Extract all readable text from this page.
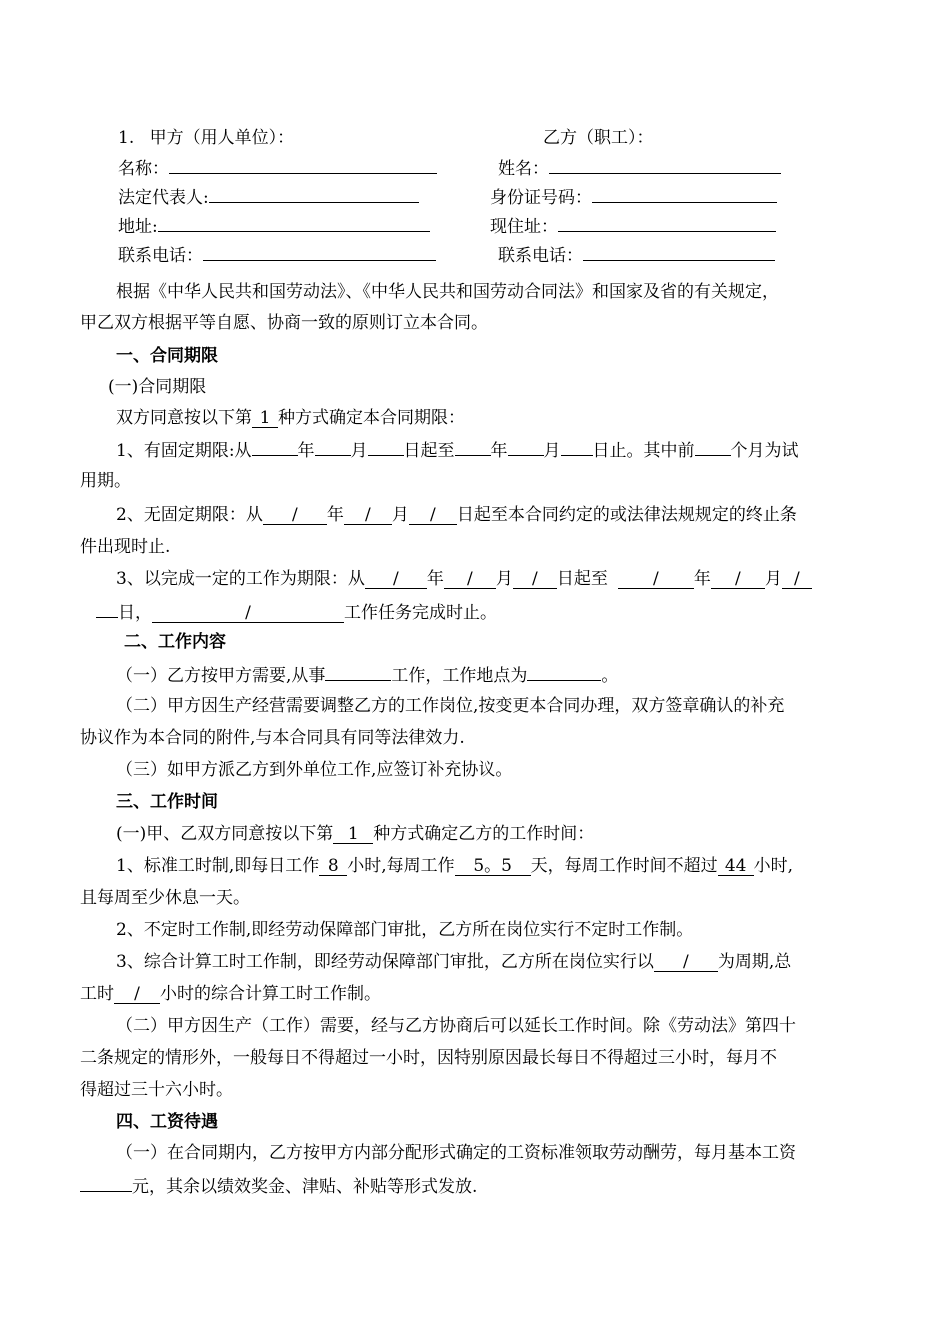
1. 甲方（用人单位）：	乙方（职工）：
名称：	姓名：
法定代表人:	身份证号码：
地址:	现住址：
联系电话：	联系电话：
根据《中华人民共和国劳动法》、《中华人民共和国劳动合同法》和国家及省的有关规定，
甲乙双方根据平等自愿、协商一致的原则订立本合同。
一、合同期限
(一)合同期限
双方同意按以下第 1 种方式确定本合同期限：
1、有固定期限:从	年 月 日起至 年 月 日止。其中前 个月为试
用期。
2、无固定期限：从 / 年 / 月 / 日起至本合同约定的或法律法规规定的终止条
件出现时止.
3、以完成一定的工作为期限：从 / 年 / 月 / 日起至	/ 年 / 月 /
日，	/	工作任务完成时止。
二、工作内容
（一）乙方按甲方需要,从事	工作，工作地点为	。
（二）甲方因生产经营需要调整乙方的工作岗位,按变更本合同办理，双方签章确认的补充
协议作为本合同的附件,与本合同具有同等法律效力.
（三）如甲方派乙方到外单位工作,应签订补充协议。
三、工作时间
(一)甲、乙双方同意按以下第 1 种方式确定乙方的工作时间：
1、标准工时制,即每日工作 8 小时,每周工作 5。5 天，每周工作时间不超过 44 小时,
且每周至少休息一天。
2、不定时工作制,即经劳动保障部门审批，乙方所在岗位实行不定时工作制。
3、综合计算工时工作制，即经劳动保障部门审批，乙方所在岗位实行以 / 为周期,总
工时 / 小时的综合计算工时工作制。
（二）甲方因生产（工作）需要，经与乙方协商后可以延长工作时间。除《劳动法》第四十
二条规定的情形外，一般每日不得超过一小时，因特别原因最长每日不得超过三小时，每月不
得超过三十六小时。
四、工资待遇
（一）在合同期内，乙方按甲方内部分配形式确定的工资标准领取劳动酬劳，每月基本工资
元，其余以绩效奖金、津贴、补贴等形式发放.
